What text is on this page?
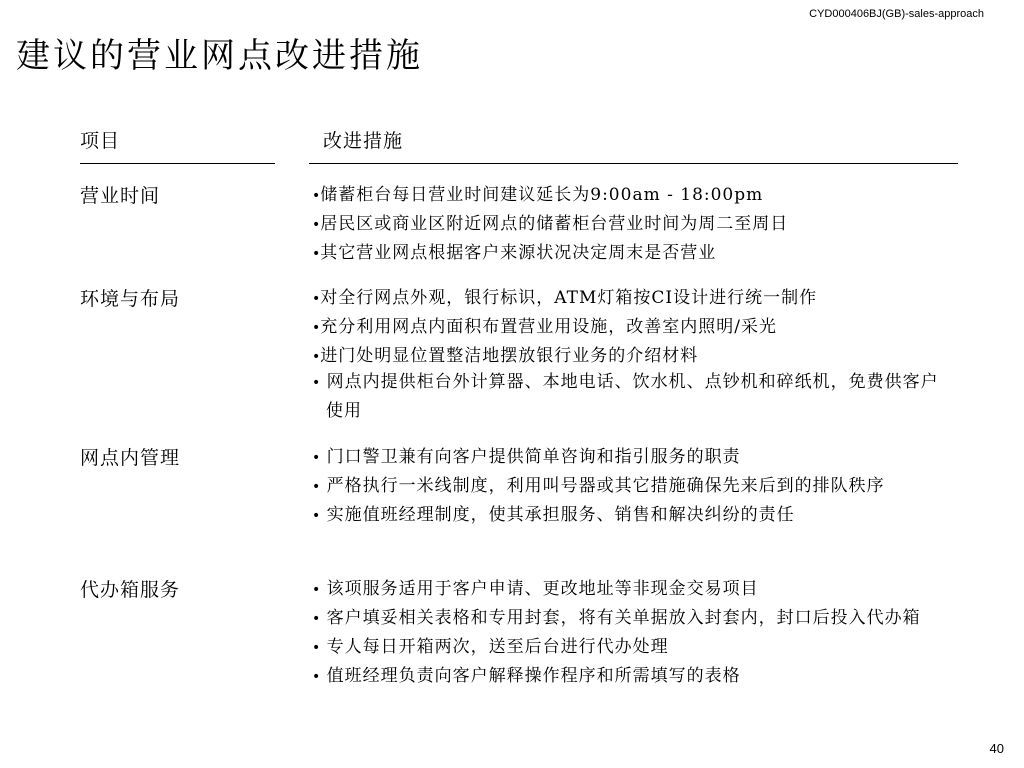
CYD000406BJ(GB)-sales-approach
建议的营业网点改进措施
项目	改进措施
营业时间	•储蓄柜台每日营业时间建议延长为9:00am - 18:00pm
•居民区或商业区附近网点的储蓄柜台营业时间为周二至周日
•其它营业网点根据客户来源状况决定周末是否营业
环境与布局	•对全行网点外观，银行标识，ATM灯箱按CI设计进行统一制作
•充分利用网点内面积布置营业用设施，改善室内照明/采光
•进门处明显位置整洁地摆放银行业务的介绍材料
• 网点内提供柜台外计算器、本地电话、饮水机、点钞机和碎纸机，免费供客户使用
网点内管理	• 门口警卫兼有向客户提供简单咨询和指引服务的职责
• 严格执行一米线制度，利用叫号器或其它措施确保先来后到的排队秩序
• 实施值班经理制度，使其承担服务、销售和解决纠纷的责任
代办箱服务	• 该项服务适用于客户申请、更改地址等非现金交易项目
• 客户填妥相关表格和专用封套，将有关单据放入封套内，封口后投入代办箱
• 专人每日开箱两次，送至后台进行代办处理
• 值班经理负责向客户解释操作程序和所需填写的表格
40
